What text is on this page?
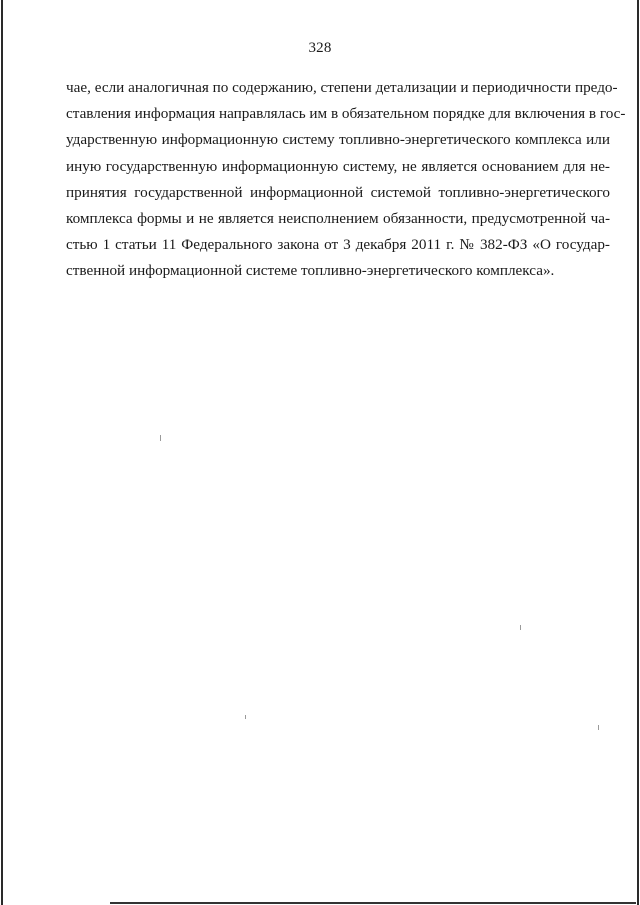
328
чае, если аналогичная по содержанию, степени детализации и периодичности предо-
ставления информация направлялась им в обязательном порядке для включения в гос-
ударственную информационную систему топливно-энергетического комплекса или
иную государственную информационную систему, не является основанием для не-
принятия государственной информационной системой топливно-энергетического
комплекса формы и не является неисполнением обязанности, предусмотренной ча-
стью 1 статьи 11 Федерального закона от 3 декабря 2011 г. № 382-ФЗ «О государ-
ственной информационной системе топливно-энергетического комплекса».
